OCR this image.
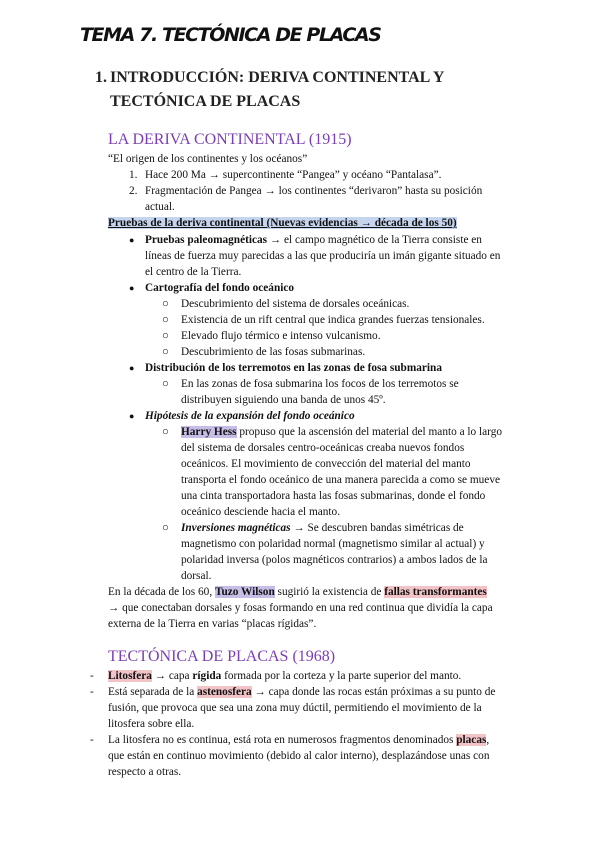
TEMA 7. TECTÓNICA DE PLACAS
1. INTRODUCCIÓN: DERIVA CONTINENTAL Y
TECTÓNICA DE PLACAS
LA DERIVA CONTINENTAL (1915)
“El origen de los continentes y los océanos”
1. Hace 200 Ma → supercontinente “Pangea” y océano “Pantalasa”.
2. Fragmentación de Pangea → los continentes “derivaron” hasta su posición
actual.
Pruebas de la deriva continental (Nuevas evidencias → década de los 50)
● Pruebas paleomagnéticas → el campo magnético de la Tierra consiste en
líneas de fuerza muy parecidas a las que produciría un imán gigante situado en
el centro de la Tierra.
● Cartografía del fondo oceánico
○ Descubrimiento del sistema de dorsales oceánicas.
○ Existencia de un rift central que indica grandes fuerzas tensionales.
○ Elevado flujo térmico e intenso vulcanismo.
○ Descubrimiento de las fosas submarinas.
● Distribución de los terremotos en las zonas de fosa submarina
○ En las zonas de fosa submarina los focos de los terremotos se
distribuyen siguiendo una banda de unos 45º.
● Hipótesis de la expansión del fondo oceánico
○ Harry Hess propuso que la ascensión del material del manto a lo largo
del sistema de dorsales centro-oceánicas creaba nuevos fondos
oceánicos. El movimiento de convección del material del manto
transporta el fondo oceánico de una manera parecida a como se mueve
una cinta transportadora hasta las fosas submarinas, donde el fondo
oceánico desciende hacia el manto.
○ Inversiones magnéticas → Se descubren bandas simétricas de
magnetismo con polaridad normal (magnetismo similar al actual) y
polaridad inversa (polos magnéticos contrarios) a ambos lados de la
dorsal.
En la década de los 60, Tuzo Wilson sugirió la existencia de fallas transformantes
→ que conectaban dorsales y fosas formando en una red continua que dividía la capa
externa de la Tierra en varias “placas rígidas”.
TECTÓNICA DE PLACAS (1968)
- Litosfera → capa rígida formada por la corteza y la parte superior del manto.
- Está separada de la astenosfera → capa donde las rocas están próximas a su punto de
fusión, que provoca que sea una zona muy dúctil, permitiendo el movimiento de la
litosfera sobre ella.
- La litosfera no es continua, está rota en numerosos fragmentos denominados placas,
que están en continuo movimiento (debido al calor interno), desplazándose unas con
respecto a otras.
